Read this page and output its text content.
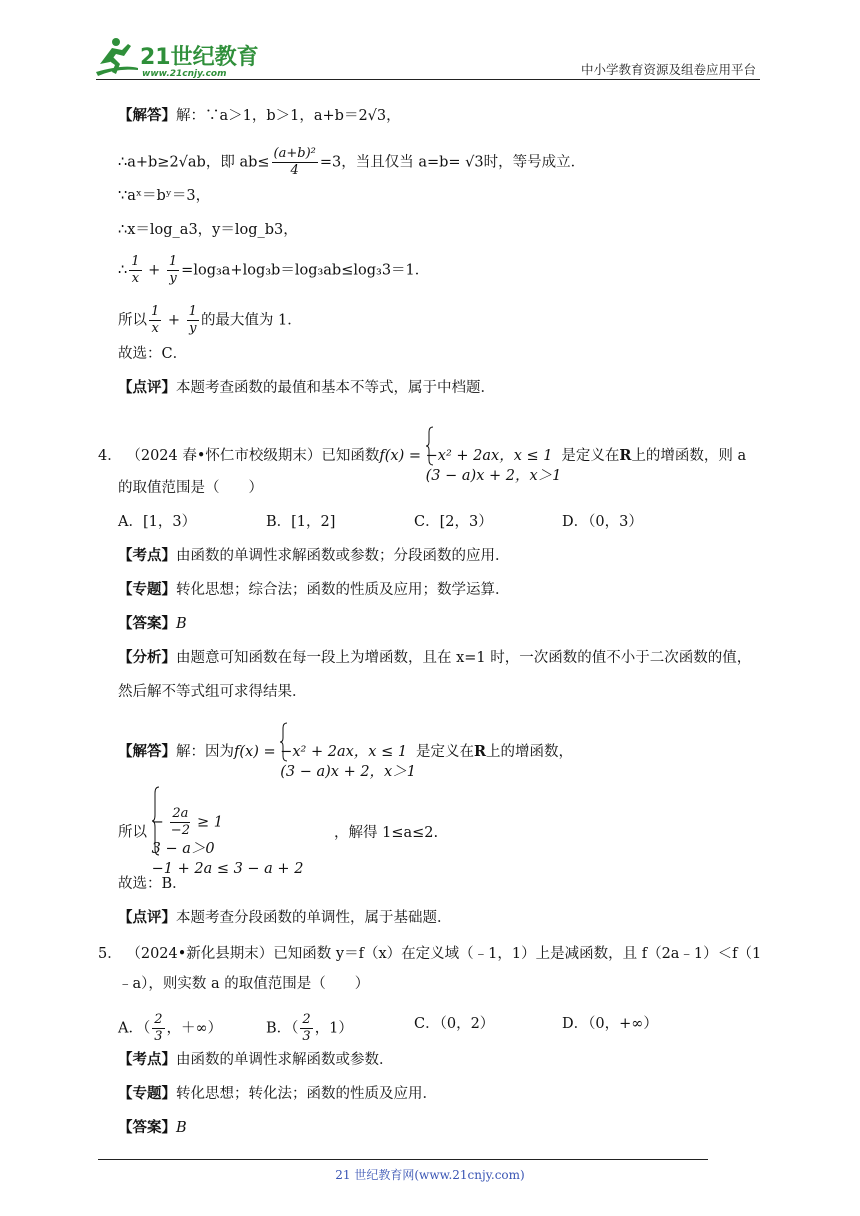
21世纪教育
www.21cnjy.com	中小学教育资源及组卷应用平台
【解答】解：∵a＞1，b＞1，a+b＝2√3，
∴a+b≥2√ab，即 $ab\le \frac{\text{(a+b)²}}{4} =3$，当且仅当 a=b= √3时，等号成立．
∵aˣ＝bʸ＝3，
∴x＝log_a3，y＝log_b3，
∴ $\frac{1}{x} + \frac{1}{y} =\log_3a+\log_3b=\log_3ab\le\log_33=1$．
所以 $\frac{1}{x} + \frac{1}{y}$ 的最大值为 1．
故选：C．
【点评】本题考查函数的最值和基本不等式，属于中档题．
4． （2024 春•怀仁市校级期末）已知函数f(x) = −x² + 2ax，x ≤ 1
(3 − a)x + 2，x＞1
是定义在R上的增函数，则 a
的取值范围是（　　）
A．[1，3）	B．[1，2]	C．[2，3）	D．（0，3）
【考点】由函数的单调性求解函数或参数；分段函数的应用．
【专题】转化思想；综合法；函数的性质及应用；数学运算．
【答案】B
【分析】由题意可知函数在每一段上为增函数，且在 x=1 时，一次函数的值不小于二次函数的值，
然后解不等式组可求得结果．
【解答】解：因为f(x) = −x² + 2ax，x ≤ 1
(3 − a)x + 2，x＞1
是定义在R上的增函数，
所以
− $\frac{2a}{-2} \ge 1$
3 − a＞0
−1 + 2a ≤ 3 − a + 2
，解得 1≤a≤2.
故选：B．
【点评】本题考查分段函数的单调性，属于基础题．
5． （2024•新化县期末）已知函数 y＝f（x）在定义域（﹣1，1）上是减函数，且 f（2a﹣1）＜f（1
﹣a），则实数 a 的取值范围是（　　）
A．（ $\frac{2}{3}$ ，＋∞）	B．（ $\frac{2}{3}$ ，1）	C．（0，2）	D．（0，+∞）
【考点】由函数的单调性求解函数或参数．
【专题】转化思想；转化法；函数的性质及应用．
【答案】B
21 世纪教育网(www.21cnjy.com)
